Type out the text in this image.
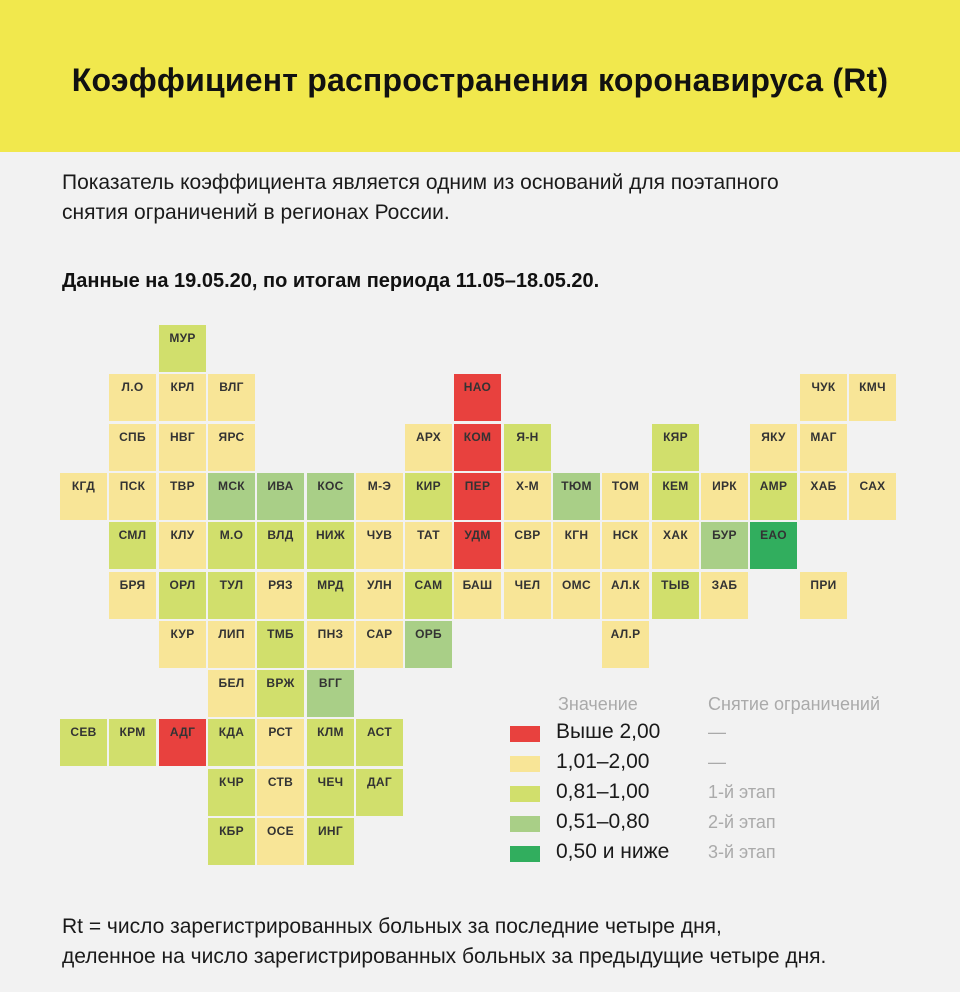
Коэффициент распространения коронавируса (Rt)
Показатель коэффициента является одним из оснований для поэтапного
снятия ограничений в регионах России.
Данные на 19.05.20, по итогам периода 11.05–18.05.20.
МУР
Л.О	КРЛ	ВЛГ	НАО	ЧУК	КМЧ
СПБ	НВГ	ЯРС	АРХ	КОМ	Я-Н	КЯР	ЯКУ	МАГ
КГД	ПСК	ТВР	МСК	ИВА	КОС	М-Э	КИР	ПЕР	Х-М	ТЮМ	ТОМ	КЕМ	ИРК	АМР	ХАБ	САХ
СМЛ	КЛУ	М.О	ВЛД	НИЖ	ЧУВ	ТАТ	УДМ	СВР	КГН	НСК	ХАК	БУР	ЕАО
БРЯ	ОРЛ	ТУЛ	РЯЗ	МРД	УЛН	САМ	БАШ	ЧЕЛ	ОМС	АЛ.К	ТЫВ	ЗАБ	ПРИ
КУР	ЛИП	ТМБ	ПНЗ	САР	ОРБ	АЛ.Р
БЕЛ	ВРЖ	ВГГ
СЕВ	КРМ	АДГ	КДА	РСТ	КЛМ	АСТ
КЧР	СТВ	ЧЕЧ	ДАГ
КБР	ОСЕ	ИНГ
Значение	Снятие ограничений
Выше 2,00	—
1,01–2,00	—
0,81–1,00	1-й этап
0,51–0,80	2-й этап
0,50 и ниже 3-й этап
Rt = число зарегистрированных больных за последние четыре дня,
деленное на число зарегистрированных больных за предыдущие четыре дня.
